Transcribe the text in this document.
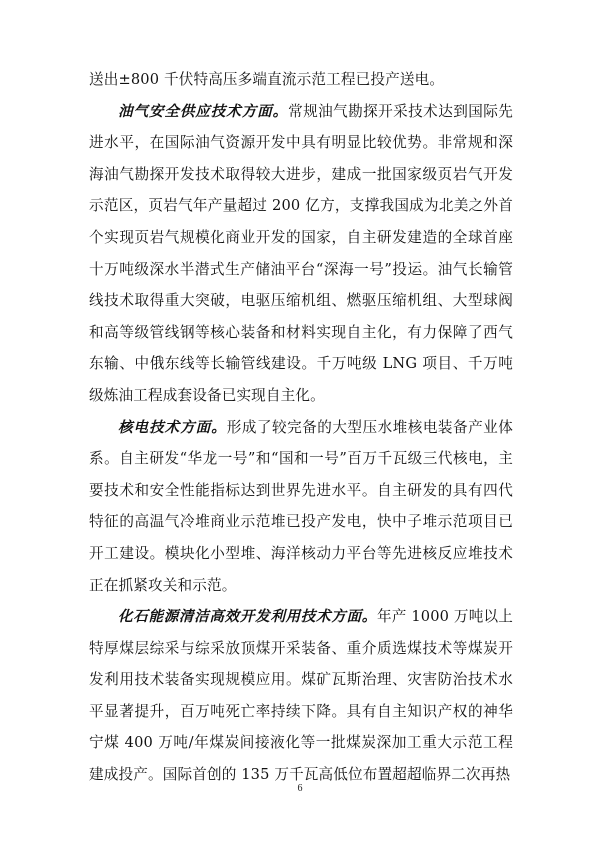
送出±800 千伏特高压多端直流示范工程已投产送电。

油气安全供应技术方面。常规油气勘探开采技术达到国际先进水平，在国际油气资源开发中具有明显比较优势。非常规和深海油气勘探开发技术取得较大进步，建成一批国家级页岩气开发示范区，页岩气年产量超过 200 亿方，支撑我国成为北美之外首个实现页岩气规模化商业开发的国家，自主研发建造的全球首座十万吨级深水半潜式生产储油平台“深海一号”投运。油气长输管线技术取得重大突破，电驱压缩机组、燃驱压缩机组、大型球阀和高等级管线钢等核心装备和材料实现自主化，有力保障了西气东输、中俄东线等长输管线建设。千万吨级 LNG 项目、千万吨级炼油工程成套设备已实现自主化。

核电技术方面。形成了较完备的大型压水堆核电装备产业体系。自主研发“华龙一号”和“国和一号”百万千瓦级三代核电，主要技术和安全性能指标达到世界先进水平。自主研发的具有四代特征的高温气冷堆商业示范堆已投产发电，快中子堆示范项目已开工建设。模块化小型堆、海洋核动力平台等先进核反应堆技术正在抓紧攻关和示范。

化石能源清洁高效开发利用技术方面。年产 1000 万吨以上特厚煤层综采与综采放顶煤开采装备、重介质选煤技术等煤炭开发利用技术装备实现规模应用。煤矿瓦斯治理、灾害防治技术水平显著提升，百万吨死亡率持续下降。具有自主知识产权的神华宁煤 400 万吨/年煤炭间接液化等一批煤炭深加工重大示范工程建成投产。国际首创的 135 万千瓦高低位布置超超临界二次再热

6
